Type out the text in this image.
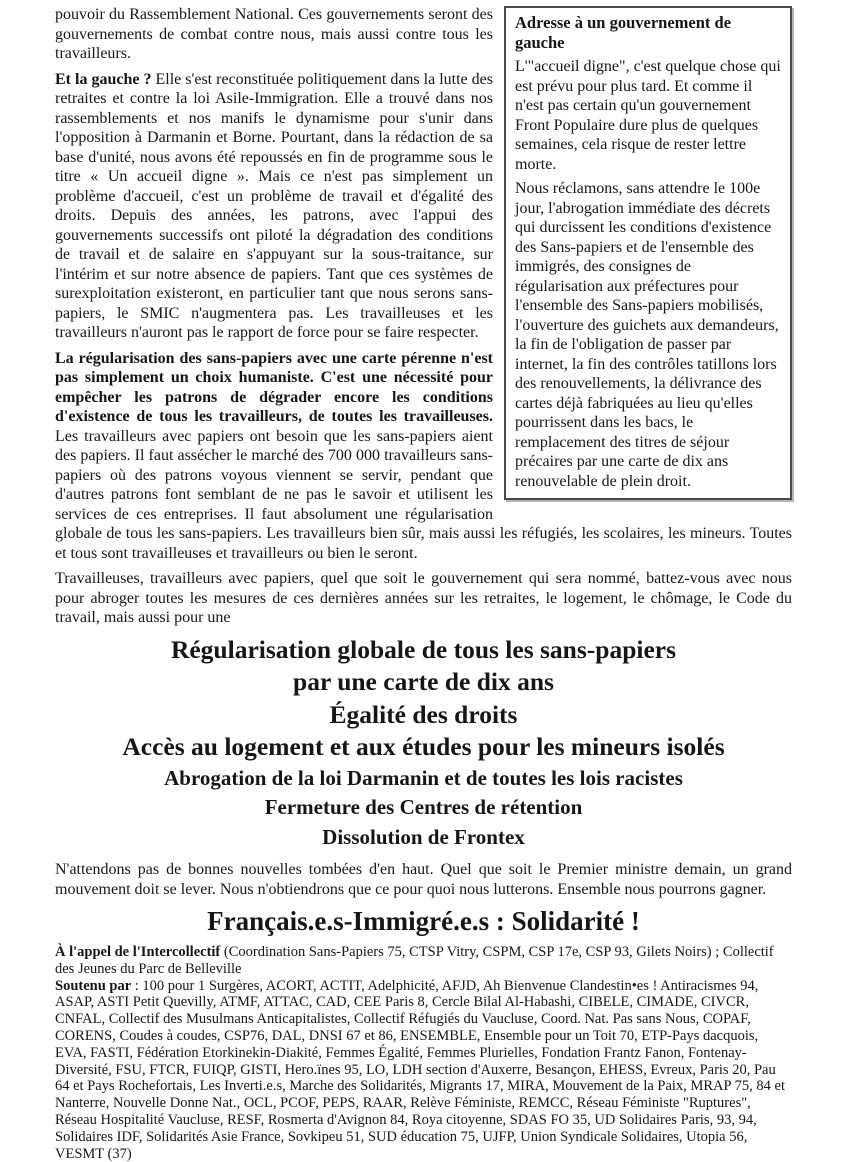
Adresse à un gouvernement de gauche

L'"accueil digne", c'est quelque chose qui est prévu pour plus tard. Et comme il n'est pas certain qu'un gouvernement Front Populaire dure plus de quelques semaines, cela risque de rester lettre morte.

Nous réclamons, sans attendre le 100e jour, l'abrogation immédiate des décrets qui durcissent les conditions d'existence des Sans-papiers et de l'ensemble des immigrés, des consignes de régularisation aux préfectures pour l'ensemble des Sans-papiers mobilisés, l'ouverture des guichets aux demandeurs, la fin de l'obligation de passer par internet, la fin des contrôles tatillons lors des renouvellements, la délivrance des cartes déjà fabriquées au lieu qu'elles pourrissent dans les bacs, le remplacement des titres de séjour précaires par une carte de dix ans renouvelable de plein droit.

pouvoir du Rassemblement National. Ces gouvernements seront des gouvernements de combat contre nous, mais aussi contre tous les travailleurs.

Et la gauche ? Elle s'est reconstituée politiquement dans la lutte des retraites et contre la loi Asile-Immigration. Elle a trouvé dans nos rassemblements et nos manifs le dynamisme pour s'unir dans l'opposition à Darmanin et Borne. Pourtant, dans la rédaction de sa base d'unité, nous avons été repoussés en fin de programme sous le titre « Un accueil digne ». Mais ce n'est pas simplement un problème d'accueil, c'est un problème de travail et d'égalité des droits. Depuis des années, les patrons, avec l'appui des gouvernements successifs ont piloté la dégradation des conditions de travail et de salaire en s'appuyant sur la sous-traitance, sur l'intérim et sur notre absence de papiers. Tant que ces systèmes de surexploitation existeront, en particulier tant que nous serons sans-papiers, le SMIC n'augmentera pas. Les travailleuses et les travailleurs n'auront pas le rapport de force pour se faire respecter.

La régularisation des sans-papiers avec une carte pérenne n'est pas simplement un choix humaniste. C'est une nécessité pour empêcher les patrons de dégrader encore les conditions d'existence de tous les travailleurs, de toutes les travailleuses. Les travailleurs avec papiers ont besoin que les sans-papiers aient des papiers. Il faut assécher le marché des 700 000 travailleurs sans-papiers où des patrons voyous viennent se servir, pendant que d'autres patrons font semblant de ne pas le savoir et utilisent les services de ces entreprises. Il faut absolument une régularisation globale de tous les sans-papiers. Les travailleurs bien sûr, mais aussi les réfugiés, les scolaires, les mineurs. Toutes et tous sont travailleuses et travailleurs ou bien le seront.

Travailleuses, travailleurs avec papiers, quel que soit le gouvernement qui sera nommé, battez-vous avec nous pour abroger toutes les mesures de ces dernières années sur les retraites, le logement, le chômage, le Code du travail, mais aussi pour une

Régularisation globale de tous les sans-papiers
par une carte de dix ans
Égalité des droits
Accès au logement et aux études pour les mineurs isolés
Abrogation de la loi Darmanin et de toutes les lois racistes
Fermeture des Centres de rétention
Dissolution de Frontex

N'attendons pas de bonnes nouvelles tombées d'en haut. Quel que soit le Premier ministre demain, un grand mouvement doit se lever. Nous n'obtiendrons que ce pour quoi nous lutterons. Ensemble nous pourrons gagner.

Français.e.s-Immigré.e.s : Solidarité !

À l'appel de l'Intercollectif (Coordination Sans-Papiers 75, CTSP Vitry, CSPM, CSP 17e, CSP 93, Gilets Noirs) ; Collectif des Jeunes du Parc de Belleville

Soutenu par : 100 pour 1 Surgères, ACORT, ACTIT, Adelphicité, AFJD, Ah Bienvenue Clandestin•es ! Antiracismes 94, ASAP, ASTI Petit Quevilly, ATMF, ATTAC, CAD, CEE Paris 8, Cercle Bilal Al-Habashi, CIBELE, CIMADE, CIVCR, CNFAL, Collectif des Musulmans Anticapitalistes, Collectif Réfugiés du Vaucluse, Coord. Nat. Pas sans Nous, COPAF, CORENS, Coudes à coudes, CSP76, DAL, DNSI 67 et 86, ENSEMBLE, Ensemble pour un Toit 70, ETP-Pays dacquois, EVA, FASTI, Fédération Etorkinekin-Diakité, Femmes Égalité, Femmes Plurielles, Fondation Frantz Fanon, Fontenay-Diversité, FSU, FTCR, FUIQP, GISTI, Hero.ïnes 95, LO, LDH section d'Auxerre, Besançon, EHESS, Evreux, Paris 20, Pau 64 et Pays Rochefortais, Les Inverti.e.s, Marche des Solidarités, Migrants 17, MIRA, Mouvement de la Paix, MRAP 75, 84 et Nanterre, Nouvelle Donne Nat., OCL, PCOF, PEPS, RAAR, Relève Féministe, REMCC, Réseau Féministe "Ruptures", Réseau Hospitalité Vaucluse, RESF, Rosmerta d'Avignon 84, Roya citoyenne, SDAS FO 35, UD Solidaires Paris, 93, 94, Solidaires IDF, Solidarités Asie France, Sovkipeu 51, SUD éducation 75, UJFP, Union Syndicale Solidaires, Utopia 56, VESMT (37)
